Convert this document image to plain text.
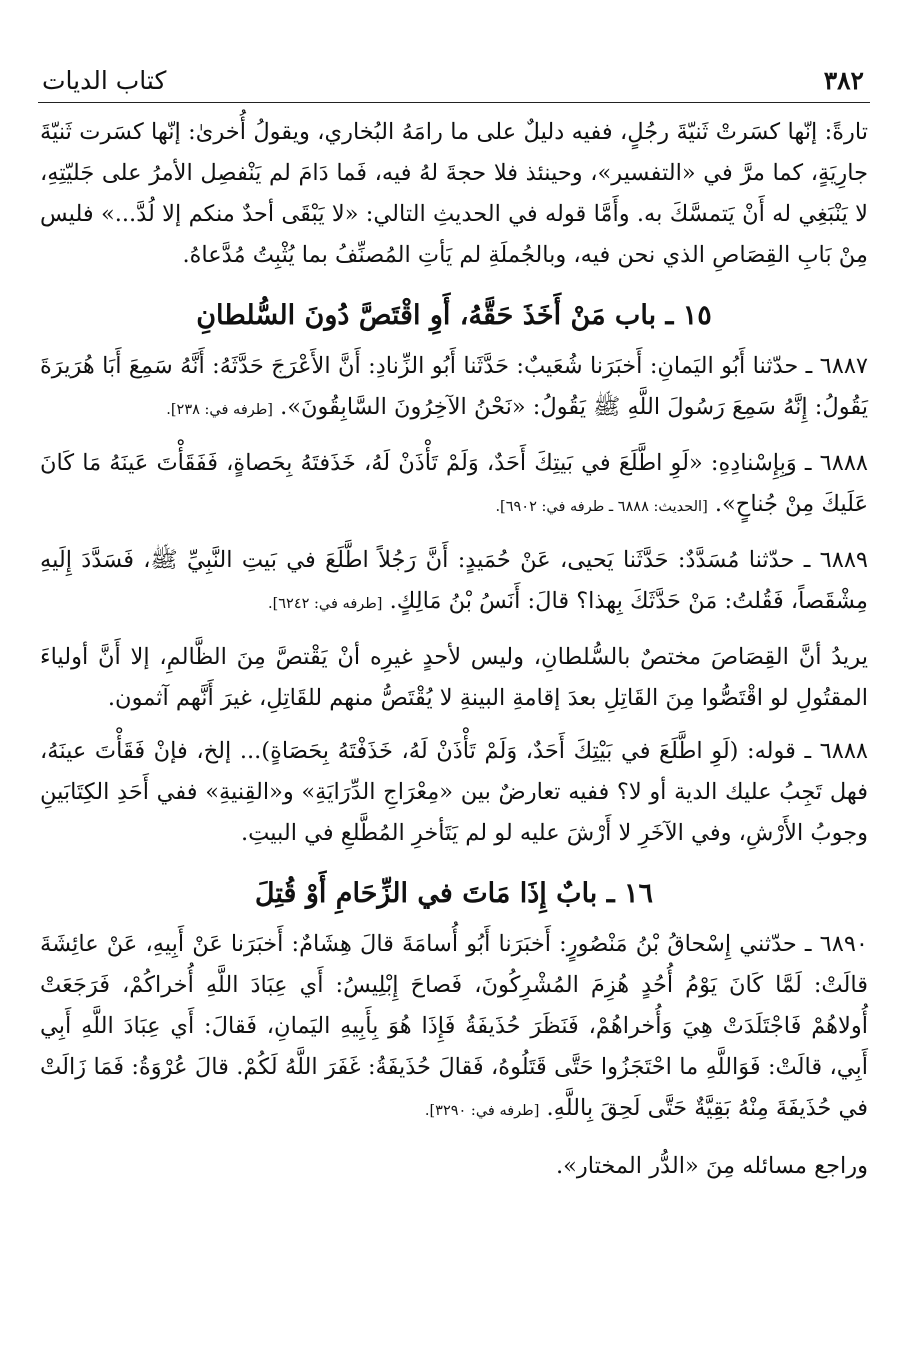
٣٨٢
كتاب الديات

تارةً: إنّها كسَرتْ ثَنيّةَ رجُلٍ، ففيه دليلٌ على ما رامَهُ البُخاري، ويقولُ أُخرىٰ: إنّها كسَرت ثَنيّةَ جارِيَةٍ، كما مرَّ في «التفسير»، وحينئذ فلا حجةَ لهُ فيه، فَما دَامَ لم يَنْفصِل الأمرُ على جَليّتِهِ، لا يَنْبَغِي له أَنْ يَتمسَّكَ به. وأَمَّا قوله في الحديثِ التالي: «لا يَبْقَى أحدٌ منكم إلا لُدَّ...» فليس مِنْ بَابِ القِصَاصِ الذي نحن فيه، وبالجُملَةِ لم يَأتِ المُصنِّفُ بما يُثْبِتُ مُدَّعاهُ.

١٥ ـ باب مَنْ أَخَذَ حَقَّهُ، أَوِ اقْتَصَّ دُونَ السُّلطانِ

٦٨٨٧ ـ حدّثنا أَبُو اليَمانِ: أَخبَرَنا شُعَيبٌ: حَدَّثَنا أَبُو الزِّنادِ: أَنَّ الأَعْرَجَ حَدَّثَهُ: أَنَّهُ سَمِعَ أَبَا هُرَيرَةَ يَقُولُ: إِنَّهُ سَمِعَ رَسُولَ اللَّهِ ﷺ يَقُولُ: «نَحْنُ الآخِرُونَ السَّابِقُونَ». [طرفه في: ٢٣٨].

٦٨٨٨ ـ وَبِإِسْنادِهِ: «لَوِ اطَّلَعَ في بَيتِكَ أَحَدٌ، وَلَمْ تَأْذَنْ لَهُ، خَذَفتَهُ بِحَصاةٍ، فَفَقَأْتَ عَينَهُ مَا كَانَ عَلَيكَ مِنْ جُناحٍ». [الحديث: ٦٨٨٨ ـ طرفه في: ٦٩٠٢].

٦٨٨٩ ـ حدّثنا مُسَدَّدٌ: حَدَّثَنا يَحيى، عَنْ حُمَيدٍ: أَنَّ رَجُلاً اطَّلَعَ في بَيتِ النَّبِيِّ ﷺ، فَسَدَّدَ إِلَيهِ مِشْقَصاً، فَقُلتُ: مَنْ حَدَّثَكَ بِهذا؟ قالَ: أَنَسُ بْنُ مَالِكٍ. [طرفه في: ٦٢٤٢].

يريدُ أنَّ القِصَاصَ مختصٌ بالسُّلطانِ، وليس لأحدٍ غيرِه أنْ يَقْتصَّ مِنَ الظَّالمِ، إلا أَنَّ أولياءَ المقتُولِ لو اقْتَصُّوا مِنَ القَاتِلِ بعدَ إقامةِ البينةِ لا يُقْتَصُّ منهم للقَاتِلِ، غيرَ أَنَّهم آثمون.

٦٨٨٨ ـ قوله: (لَوِ اطَّلَعَ في بَيْتِكَ أَحَدٌ، وَلَمْ تَأْذَنْ لَهُ، خَذَفْتَهُ بِحَصَاةٍ)... إلخ، فإنْ فَقَأْتَ عينَهُ، فهل تَجِبُ عليك الدية أو لا؟ ففيه تعارضٌ بين «مِعْرَاجِ الدِّرَايَةِ» و«القِنيةِ» ففي أَحَدِ الكِتَابَينِ وجوبُ الأَرْشِ، وفي الآخَرِ لا أَرْشَ عليه لو لم يَتَأخرِ المُطَّلعِ في البيتِ.

١٦ ـ بابٌ إِذَا مَاتَ في الزِّحَامِ أَوْ قُتِلَ

٦٨٩٠ ـ حدّثني إِسْحاقُ بْنُ مَنْصُورٍ: أَخبَرَنا أَبُو أُسامَةَ قالَ هِشَامٌ: أَخبَرَنا عَنْ أَبِيهِ، عَنْ عائِشَةَ قالَتْ: لَمَّا كَانَ يَوْمُ أُحُدٍ هُزِمَ المُشْرِكُونَ، فَصاحَ إِبْلِيسُ: أَي عِبَادَ اللَّهِ أُخراكُمْ، فَرَجَعَتْ أُولاهُمْ فَاجْتَلَدَتْ هِيَ وَأُخراهُمْ، فَنَظَرَ حُذَيفَةُ فَإِذَا هُوَ بِأَبِيهِ اليَمانِ، فَقالَ: أَي عِبَادَ اللَّهِ أَبِي أَبِي، قالَتْ: فَوَاللَّهِ ما احْتَجَزُوا حَتَّى قَتَلُوهُ، فَقالَ حُذَيفَةُ: غَفَرَ اللَّهُ لَكُمْ. قالَ عُرْوَةُ: فَمَا زَالَتْ في حُذَيفَةَ مِنْهُ بَقِيَّةٌ حَتَّى لَحِقَ بِاللَّهِ. [طرفه في: ٣٢٩٠].

وراجع مسائله مِنَ «الدُّر المختار».
